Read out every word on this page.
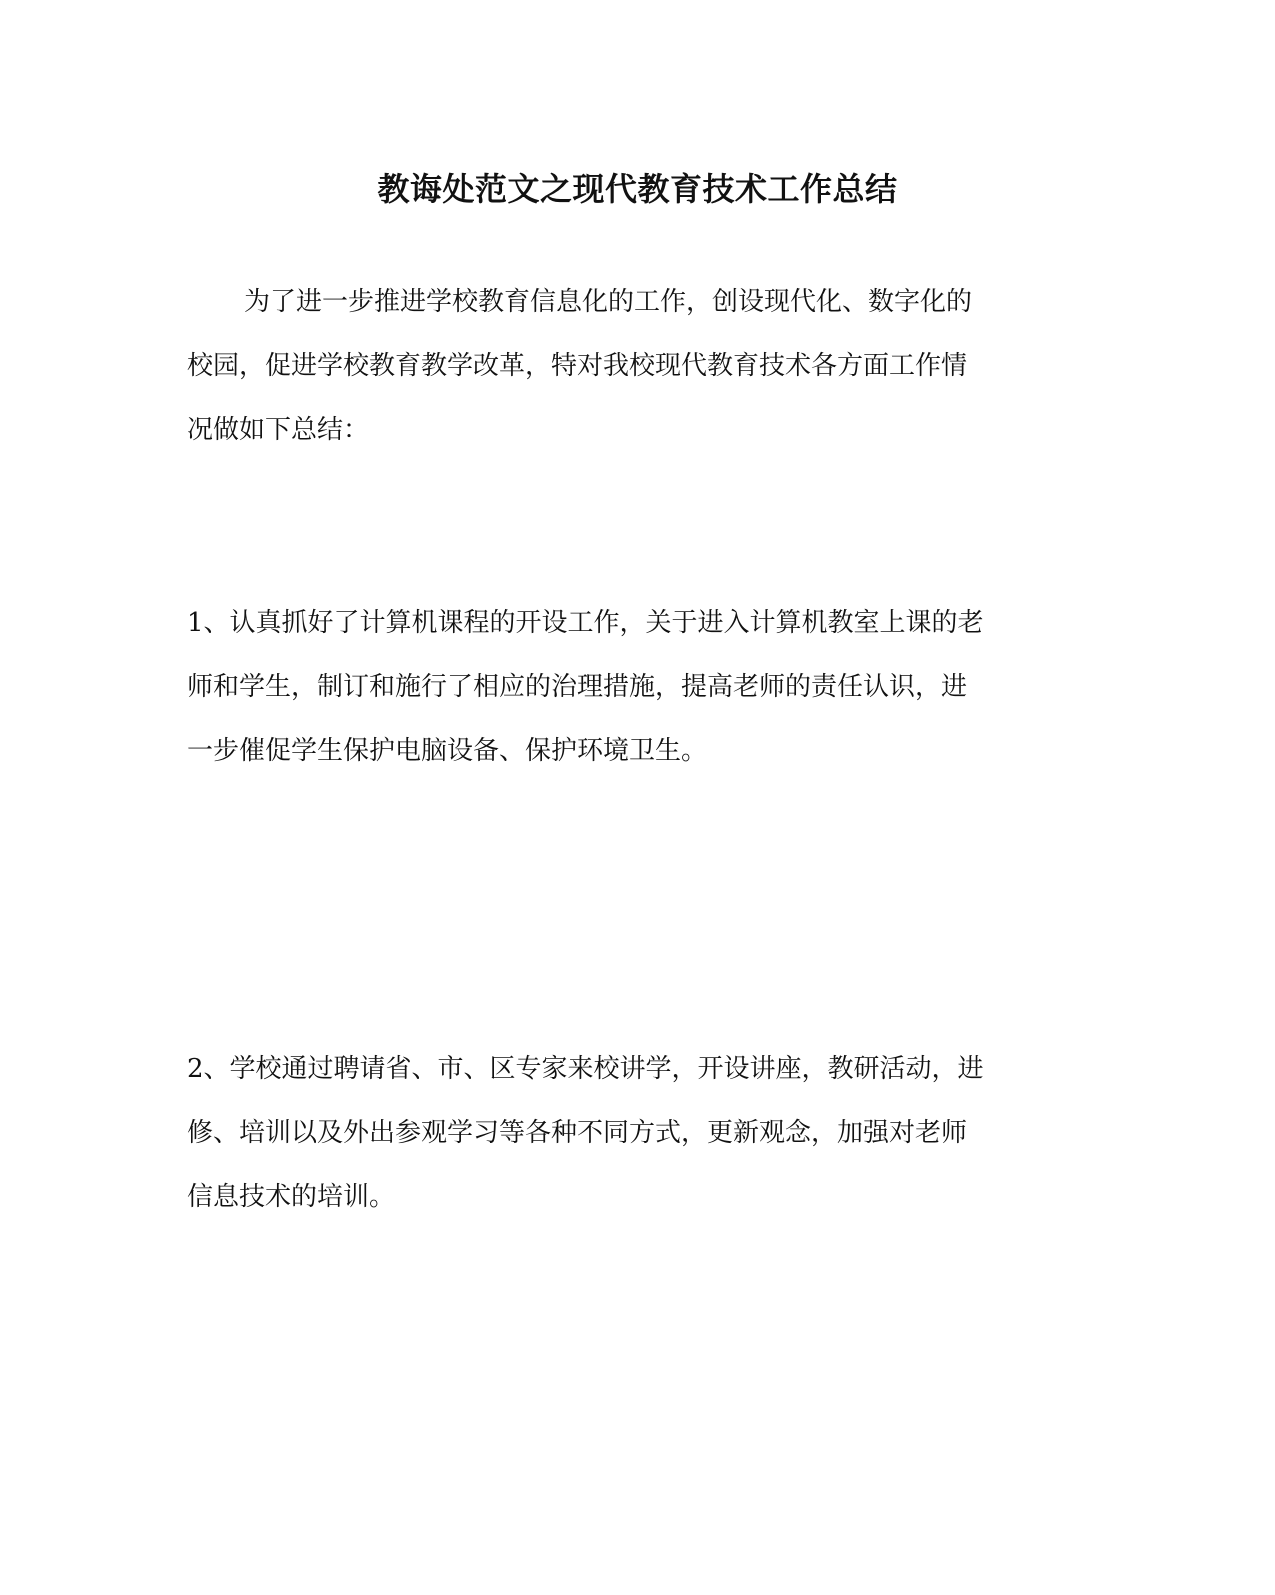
教诲处范文之现代教育技术工作总结

为了进一步推进学校教育信息化的工作，创设现代化、数字化的
校园，促进学校教育教学改革，特对我校现代教育技术各方面工作情
况做如下总结：

1、认真抓好了计算机课程的开设工作，关于进入计算机教室上课的老
师和学生，制订和施行了相应的治理措施，提高老师的责任认识，进
一步催促学生保护电脑设备、保护环境卫生。

2、学校通过聘请省、市、区专家来校讲学，开设讲座，教研活动，进
修、培训以及外出参观学习等各种不同方式，更新观念，加强对老师
信息技术的培训。
